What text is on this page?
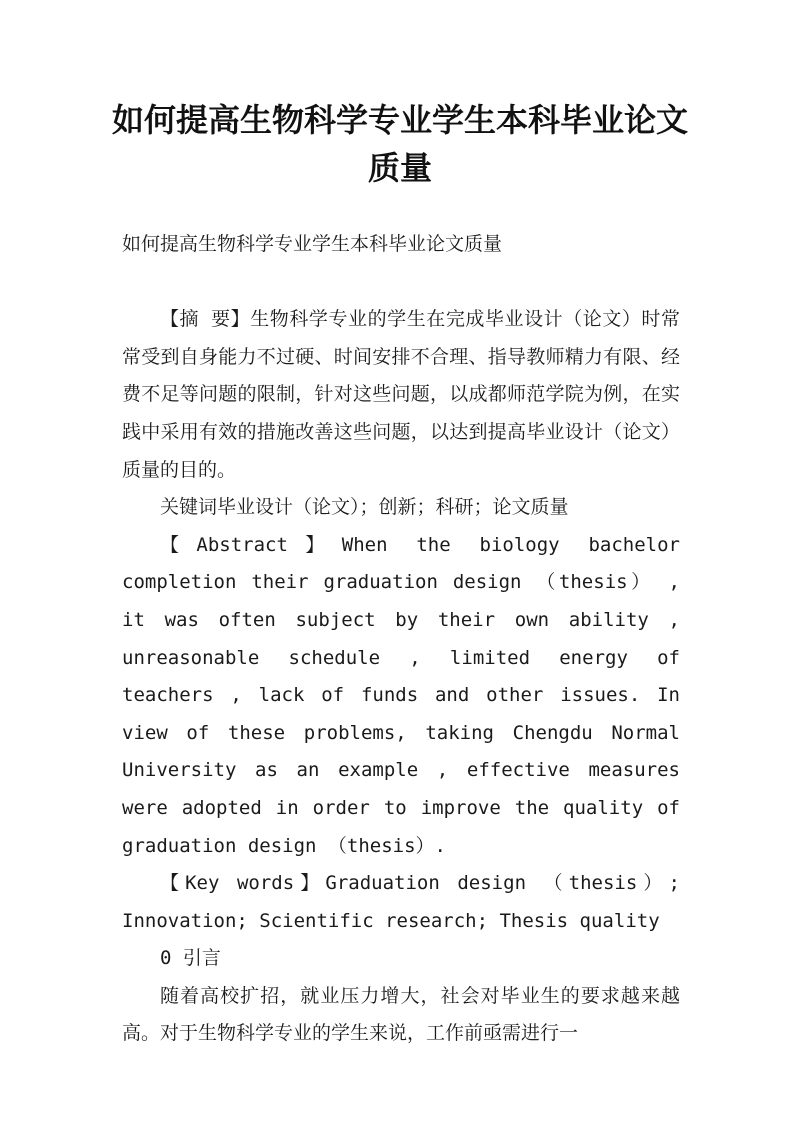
如何提高生物科学专业学生本科毕业论文
质量

如何提高生物科学专业学生本科毕业论文质量

【摘 要】生物科学专业的学生在完成毕业设计（论文）时常常受到自身能力不过硬、时间安排不合理、指导教师精力有限、经费不足等问题的限制，针对这些问题，以成都师范学院为例，在实践中采用有效的措施改善这些问题，以达到提高毕业设计（论文）质量的目的。

关键词毕业设计（论文）；创新；科研；论文质量

【Abstract】When the biology bachelor completion their graduation design （thesis） , it was often subject by their own ability , unreasonable schedule , limited energy of teachers , lack of funds and other issues. In view of these problems, taking Chengdu Normal University as an example , effective measures were adopted in order to improve the quality of graduation design （thesis）.

【Key words】Graduation design （thesis）; Innovation; Scientific research; Thesis quality

0 引言

随着高校扩招，就业压力增大，社会对毕业生的要求越来越高。对于生物科学专业的学生来说，工作前亟需进行一
